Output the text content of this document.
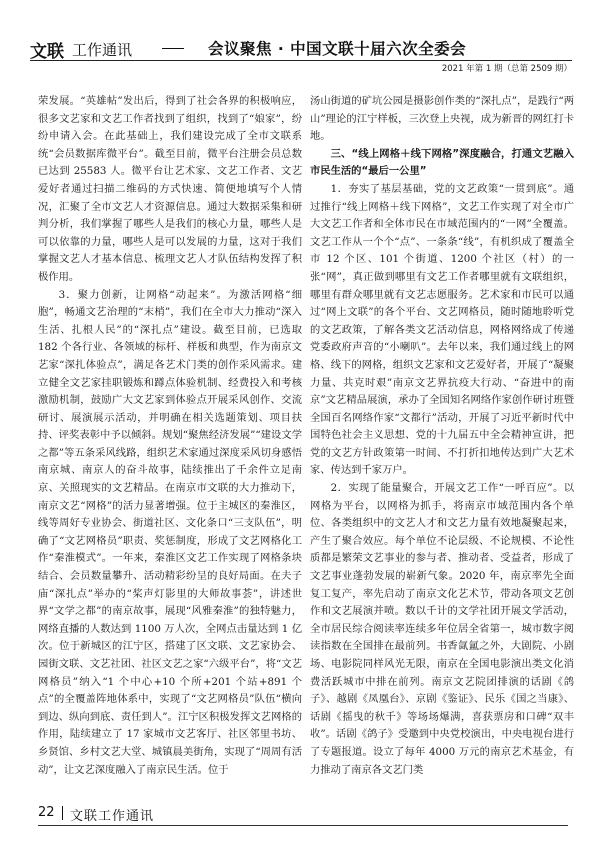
文联 工作通讯	会议聚焦 · 中国文联十届六次全委会
2021 年第 1 期（总第 2509 期）

荣发展。“英雄帖”发出后，得到了社会各界的积极响应，很多文艺家和文艺工作者找到了组织，找到了“娘家”，纷纷申请入会。在此基础上，我们建设完成了全市文联系统“会员数据库微平台”。截至目前，微平台注册会员总数已达到 25583 人。微平台让艺术家、文艺工作者、文艺爱好者通过扫描二维码的方式快速、简便地填写个人情况，汇聚了全市文艺人才资源信息。通过大数据采集和研判分析，我们掌握了哪些人是我们的核心力量，哪些人是可以依靠的力量，哪些人是可以发展的力量，这对于我们掌握文艺人才基本信息、梳理文艺人才队伍结构发挥了积极作用。

3．聚力创新，让网格“动起来”。为激活网格“细胞”，畅通文艺治理的“末梢”，我们在全市大力推动“深入生活、扎根人民”的“深扎点”建设。截至目前，已选取 182 个各行业、各领域的标杆、样板和典型，作为南京文艺家“深扎体验点”，满足各艺术门类的创作采风需求。建立健全文艺家挂职锻炼和蹲点体验机制、经费投入和考核激励机制，鼓励广大文艺家到体验点开展采风创作、交流研讨、展演展示活动，并明确在相关选题策划、项目扶持、评奖表彰中予以倾斜。规划“聚焦经济发展”“建设文学之都”等五条采风线路，组织艺术家通过深度采风切身感悟南京城、南京人的奋斗故事，陆续推出了千余件立足南京、关照现实的文艺精品。在南京市文联的大力推动下，南京文艺“网格”的活力显著增强。位于主城区的秦淮区，线等周好专业协会、街道社区、文化条口“三支队伍”，明确了“文艺网格员”职责、奖惩制度，形成了文艺网格化工作“秦淮模式”。一年来，秦淮区文艺工作实现了网格条块结合、会员数量攀升、活动精彩纷呈的良好局面。在夫子庙“深扎点”举办的“桨声灯影里的大师故事荟”，讲述世界“文学之都”的南京故事，展现“风雅秦淮”的独特魅力，网络直播的人数达到 1100 万人次，全网点击量达到 1 亿次。位于新城区的江宁区，搭建了区文联、文艺家协会、园街文联、文艺社团、社区文艺之家“六级平台”，将“文艺网格员”纳入“1 个中心+10 个所+201 个站+891 个点”的全覆盖阵地体系中，实现了“文艺网格员”队伍“横向到边、纵向到底、责任到人”。江宁区积极发挥文艺网格的作用，陆续建立了 17 家城市文艺客厅、社区邻里书坊、乡贤馆、乡村文艺大堂、城镇晨美街角，实现了“周周有活动”，让文艺深度融入了南京民生活。位于

汤山街道的矿坑公园是摄影创作类的“深扎点”，是践行“两山”理论的江宁样板，三次登上央视，成为新晋的网红打卡地。

三、“线上网格＋线下网格”深度融合，打通文艺融入市民生活的“最后一公里”

1．夯实了基层基础，党的文艺政策“一贯到底”。通过推行“线上网格＋线下网格”，文艺工作实现了对全市广大文艺工作者和全体市民在市域范围内的“一网”全覆盖。文艺工作从一个个“点”、一条条“线”，有机织成了覆盖全市 12 个区、101 个街道、1200 个社区（村）的一张“网”，真正做到哪里有文艺工作者哪里就有文联组织，哪里有群众哪里就有文艺志愿服务。艺术家和市民可以通过“网上文联”的各个平台、文艺网格员，随时随地聆听党的文艺政策，了解各类文艺活动信息，网格网络成了传递党委政府声音的“小喇叭”。去年以来，我们通过线上的网格、线下的网格，组织文艺家和文艺爱好者，开展了“凝聚力量、共克时艰”南京文艺界抗疫大行动、“奋进中的南京”文艺精品展演，承办了全国知名网络作家创作研讨班暨全国百名网络作家“文都行”活动，开展了习近平新时代中国特色社会主义思想、党的十九届五中全会精神宣讲，把党的文艺方针政策第一时间、不打折扣地传达到广大艺术家、传达到千家万户。

2．实现了能量聚合，开展文艺工作“一呼百应”。以网格为平台，以网格为抓手，将南京市域范围内各个单位、各类组织中的文艺人才和文艺力量有效地凝聚起来，产生了聚合效应。每个单位不论层级、不论规模、不论性质都是繁荣文艺事业的参与者、推动者、受益者，形成了文艺事业蓬勃发展的崭新气象。2020 年，南京率先全面复工复产，率先启动了南京文化艺术节，带动各项文艺创作和文艺展演并喷。数以千计的文学社团开展文学活动，全市居民综合阅读率连续多年位居全省第一，城市数字阅读指数在全国排在最前列。书香氤氲之外，大剧院、小剧场、电影院同样风光无限，南京在全国电影演出类文化消费活跃城市中排在前列。南京文艺院团排演的话剧《鸽子》、越剧《凤凰台》、京剧《鉴证》、民乐《国之当康》、话剧《摇曳的秋千》等场场爆满，喜获票房和口碑“双丰收”。话剧《鸽子》受邀到中央党校演出，中央电视台进行了专题报道。设立了每年 4000 万元的南京艺术基金，有力推动了南京各文艺门类

22 文联工作通讯
